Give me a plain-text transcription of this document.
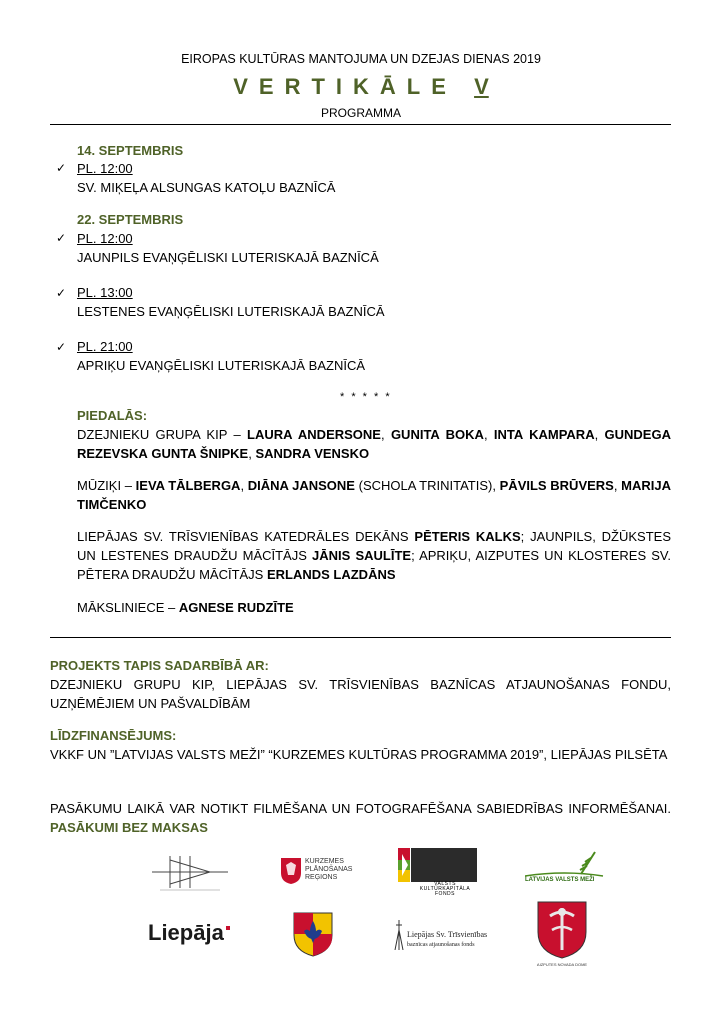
EIROPAS KULTŪRAS MANTOJUMA UN DZEJAS DIENAS 2019
VERTIKĀLE V
PROGRAMMA
14. SEPTEMBRIS
✓ PL. 12:00
SV. MIĶEĻA ALSUNGAS KATOĻU BAZNĪCĀ
22. SEPTEMBRIS
✓ PL. 12:00
JAUNPILS EVAŅĢĒLISKI LUTERISKAJĀ BAZNĪCĀ
✓ PL. 13:00
LESTENES EVAŅĢĒLISKI LUTERISKAJĀ BAZNĪCĀ
✓ PL. 21:00
APRIĶU EVAŅĢĒLISKI LUTERISKAJĀ BAZNĪCĀ
* * * * *
PIEDALĀS:
DZEJNIEKU GRUPA KIP – LAURA ANDERSONE, GUNITA BOKA, INTA KAMPARA, GUNDEGA REZEVSKA GUNTA ŠNIPKE, SANDRA VENSKO
MŪZIĶI – IEVA TĀLBERGA, DIĀNA JANSONE (SCHOLA TRINITATIS), PĀVILS BRŪVERS, MARIJA TIMČENKO
LIEPĀJAS SV. TRĪSVIENĪBAS KATEDRĀLES DEKĀNS PĒTERIS KALKS; JAUNPILS, DŽŪKSTES UN LESTENES DRAUDŽU MĀCĪTĀJS JĀNIS SAULĪTE; APRIĶU, AIZPUTES UN KLOSTERES SV. PĒTERA DRAUDŽU MĀCĪTĀJS ERLANDS LAZDĀNS
MĀKSLINIECE – AGNESE RUDZĪTE
PROJEKTS TAPIS SADARBĪBĀ AR:
DZEJNIEKU GRUPU KIP, LIEPĀJAS SV. TRĪSVIENĪBAS BAZNĪCAS ATJAUNOŠANAS FONDU, UZŅĒMĒJIEM UN PAŠVALDĪBĀM
LĪDZFINANSĒJUMS:
VKKF UN ”LATVIJAS VALSTS MEŽI” “KURZEMES KULTŪRAS PROGRAMMA 2019”, LIEPĀJAS PILSĒTA
PASĀKUMU LAIKĀ VAR NOTIKT FILMĒŠANA UN FOTOGRAFĒŠANA SABIEDRĪBAS INFORMĒŠANAI. PASĀKUMI BEZ MAKSAS
KURZEMES
PLĀNOŠANAS
REĢIONS
VALSTS
KULTŪRKAPITĀLA FONDS
LATVIJAS VALSTS MEŽI
Liepāja	Liepājas Sv. Trīsvienības
baznīcas atjaunošanas fonds
AIZPUTES NOVADA DOME
